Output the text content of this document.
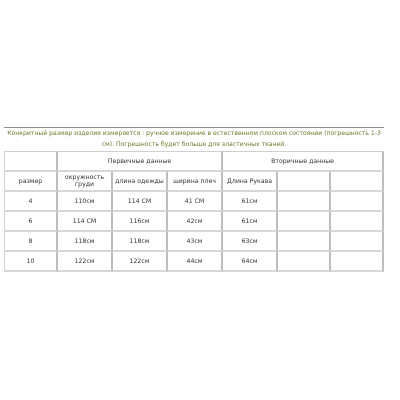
Конкритный размер изделия измеряется : ручное измерение в естественном плоском состоянии (погрешность 1-3 см). Погрешность будет больше для эластичных тканей.

	Первичные данные			Вторичные данные		
размер	окружность груди	длина одежды	ширина плеч	Длина Рукава		
4	110см	114 CM	41 CM	61см		
6	114 CM	116см	42см	61см		
8	118см	118см	43см	63см		
10	122см	122см	44см	64см		
